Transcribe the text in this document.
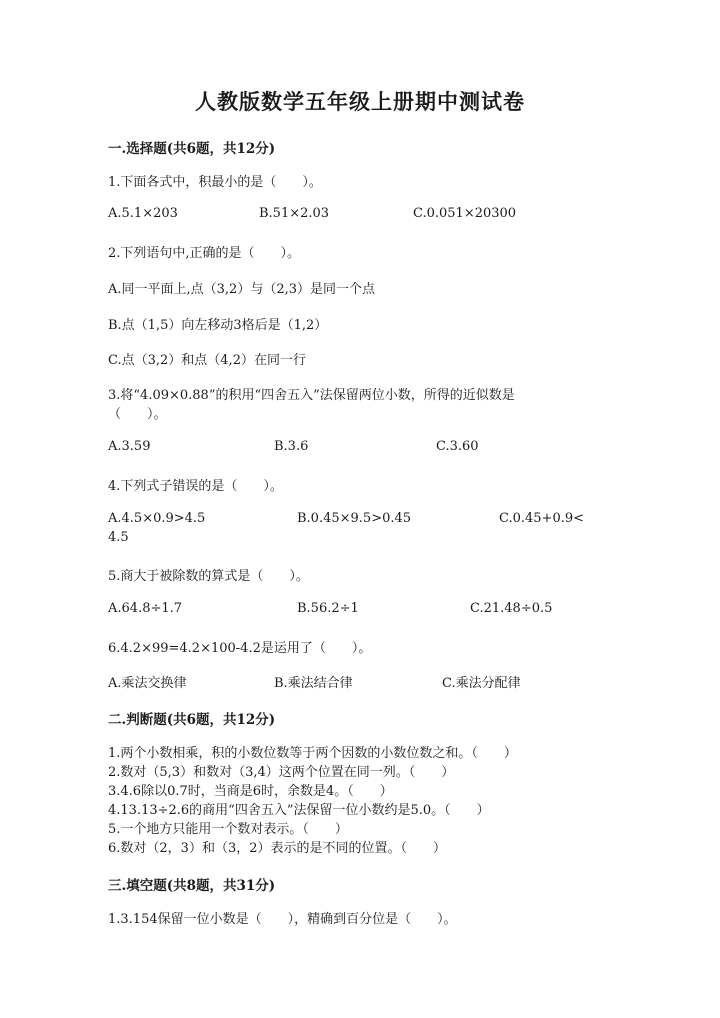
人教版数学五年级上册期中测试卷
一.选择题(共6题，共12分)
1.下面各式中，积最小的是（　　）。
A.5.1×203	B.51×2.03	C.0.051×20300
2.下列语句中,正确的是（　　）。
A.同一平面上,点（3,2）与（2,3）是同一个点
B.点（1,5）向左移动3格后是（1,2）
C.点（3,2）和点（4,2）在同一行
3.将“4.09×0.88”的积用“四舍五入”法保留两位小数，所得的近似数是
（　　）。
A.3.59	B.3.6	C.3.60
4.下列式子错误的是（　　）。
A.4.5×0.9>4.5	B.0.45×9.5>0.45	C.0.45+0.9<
4.5
5.商大于被除数的算式是（　　）。
A.64.8÷1.7	B.56.2÷1	C.21.48÷0.5
6.4.2×99=4.2×100-4.2是运用了（　　）。
A.乘法交换律	B.乘法结合律	C.乘法分配律
二.判断题(共6题，共12分)
1.两个小数相乘，积的小数位数等于两个因数的小数位数之和。（　　）
2.数对（5,3）和数对（3,4）这两个位置在同一列。（　　）
3.4.6除以0.7时，当商是6时，余数是4。（　　）
4.13.13÷2.6的商用“四舍五入”法保留一位小数约是5.0。（　　）
5.一个地方只能用一个数对表示。（　　）
6.数对（2，3）和（3，2）表示的是不同的位置。（　　）
三.填空题(共8题，共31分)
1.3.154保留一位小数是（　　），精确到百分位是（　　）。
